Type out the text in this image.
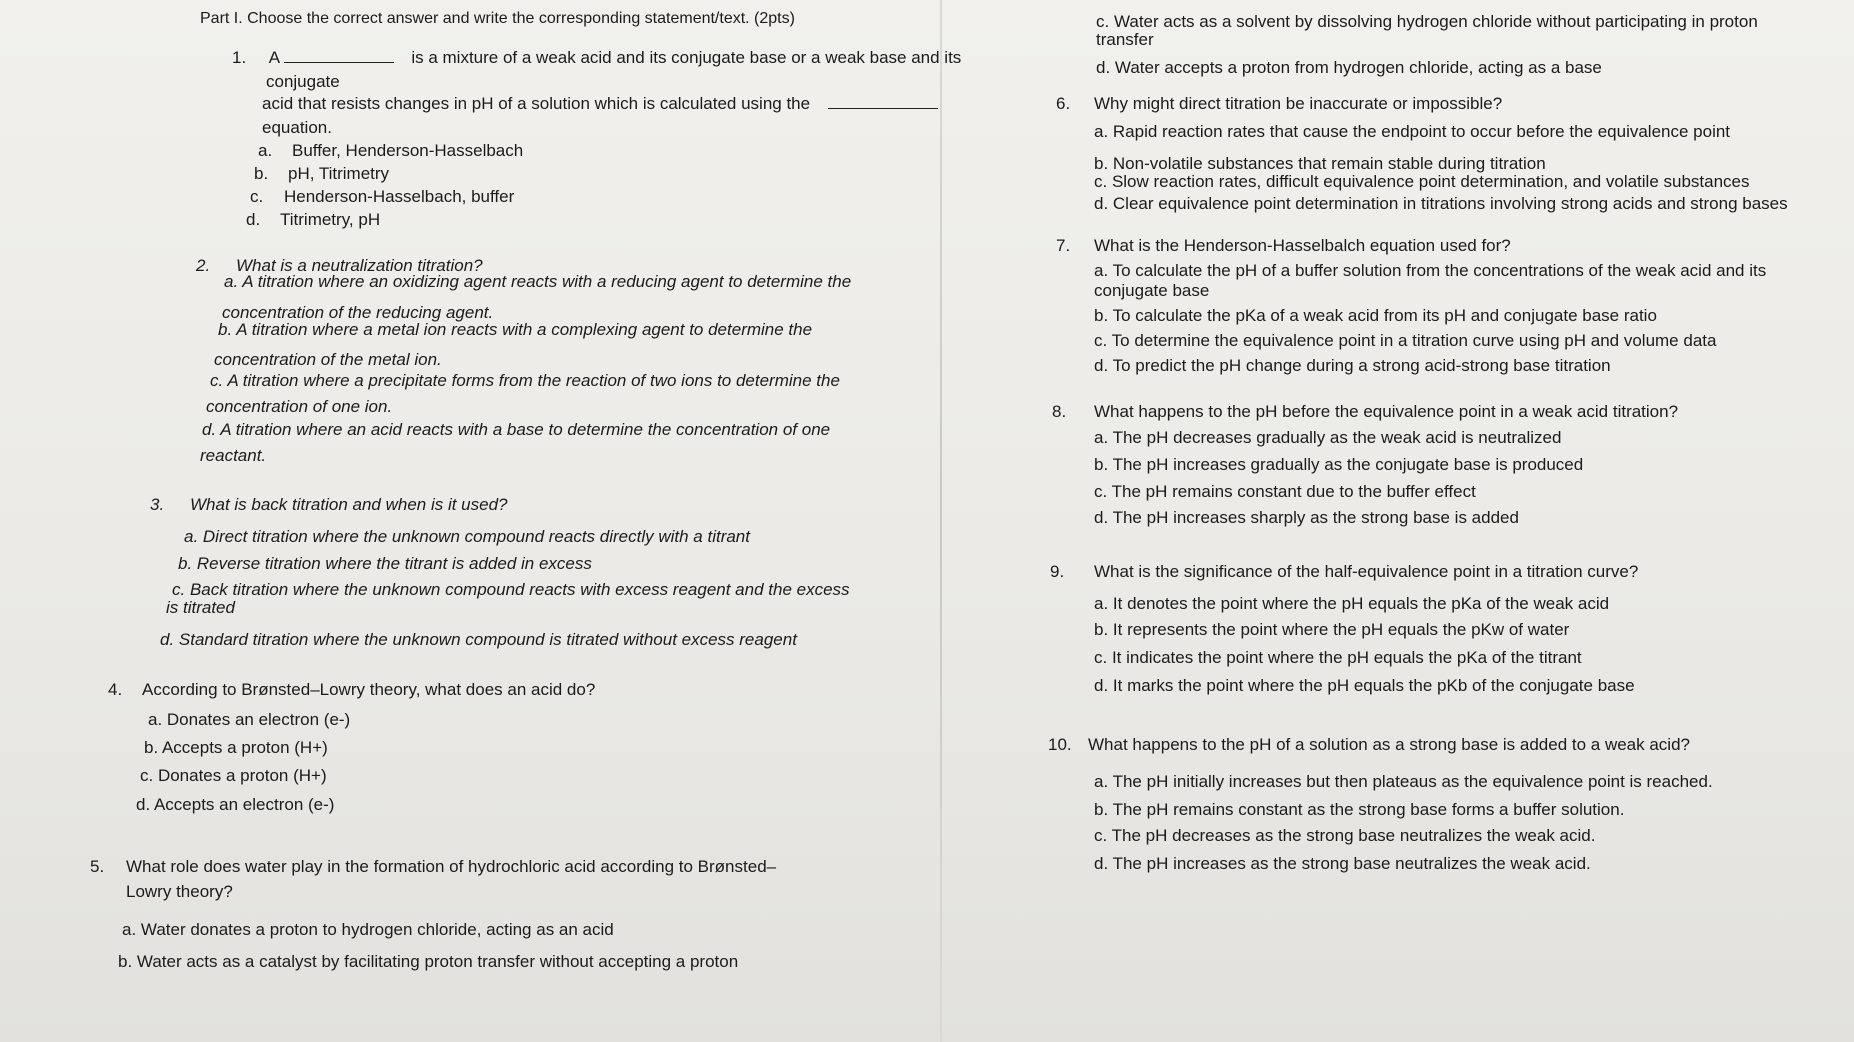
Part I. Choose the correct answer and write the corresponding statement/text. (2pts)
1. A	is a mixture of a weak acid and its conjugate base or a weak base and its
conjugate
acid that resists changes in pH of a solution which is calculated using the
equation.
a. Buffer, Henderson-Hasselbach
b. pH, Titrimetry
c. Henderson-Hasselbach, buffer
d. Titrimetry, pH
2. What is a neutralization titration?
a. A titration where an oxidizing agent reacts with a reducing agent to determine the
concentration of the reducing agent.
b. A titration where a metal ion reacts with a complexing agent to determine the
concentration of the metal ion.
c. A titration where a precipitate forms from the reaction of two ions to determine the
concentration of one ion.
d. A titration where an acid reacts with a base to determine the concentration of one
reactant.
3. What is back titration and when is it used?
a. Direct titration where the unknown compound reacts directly with a titrant
b. Reverse titration where the titrant is added in excess
c. Back titration where the unknown compound reacts with excess reagent and the excess
is titrated
d. Standard titration where the unknown compound is titrated without excess reagent
4. According to Brønsted–Lowry theory, what does an acid do?
a. Donates an electron (e-)
b. Accepts a proton (H+)
c. Donates a proton (H+)
d. Accepts an electron (e-)
5. What role does water play in the formation of hydrochloric acid according to Brønsted–
Lowry theory?
a. Water donates a proton to hydrogen chloride, acting as an acid
b. Water acts as a catalyst by facilitating proton transfer without accepting a proton
c. Water acts as a solvent by dissolving hydrogen chloride without participating in proton
transfer
d. Water accepts a proton from hydrogen chloride, acting as a base
6. Why might direct titration be inaccurate or impossible?
a. Rapid reaction rates that cause the endpoint to occur before the equivalence point
b. Non-volatile substances that remain stable during titration
c. Slow reaction rates, difficult equivalence point determination, and volatile substances
d. Clear equivalence point determination in titrations involving strong acids and strong bases
7. What is the Henderson-Hasselbalch equation used for?
a. To calculate the pH of a buffer solution from the concentrations of the weak acid and its
conjugate base
b. To calculate the pKa of a weak acid from its pH and conjugate base ratio
c. To determine the equivalence point in a titration curve using pH and volume data
d. To predict the pH change during a strong acid-strong base titration
8. What happens to the pH before the equivalence point in a weak acid titration?
a. The pH decreases gradually as the weak acid is neutralized
b. The pH increases gradually as the conjugate base is produced
c. The pH remains constant due to the buffer effect
d. The pH increases sharply as the strong base is added
9. What is the significance of the half-equivalence point in a titration curve?
a. It denotes the point where the pH equals the pKa of the weak acid
b. It represents the point where the pH equals the pKw of water
c. It indicates the point where the pH equals the pKa of the titrant
d. It marks the point where the pH equals the pKb of the conjugate base
10. What happens to the pH of a solution as a strong base is added to a weak acid?
a. The pH initially increases but then plateaus as the equivalence point is reached.
b. The pH remains constant as the strong base forms a buffer solution.
c. The pH decreases as the strong base neutralizes the weak acid.
d. The pH increases as the strong base neutralizes the weak acid.
